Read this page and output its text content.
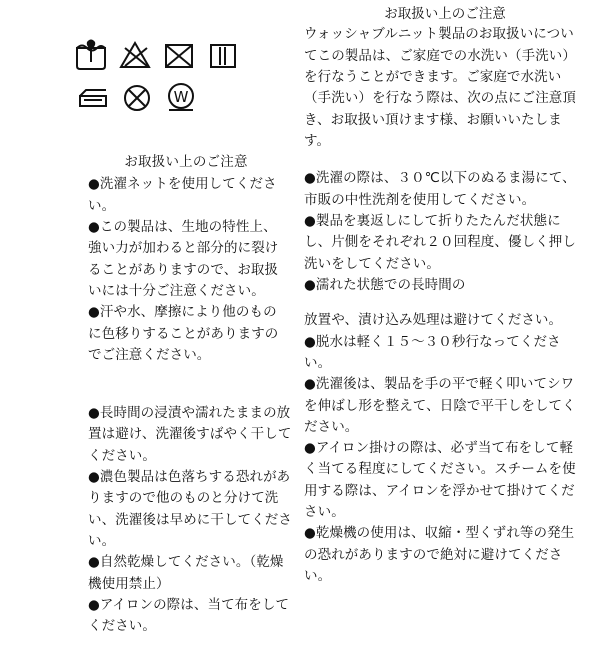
W

お取扱い上のご注意

●洗濯ネットを使用してください。

●この製品は、生地の特性上、強い力が加わると部分的に裂けることがありますので、お取扱いには十分ご注意ください。

●汗や水、摩擦により他のものに色移りすることがありますのでご注意ください。

●長時間の浸漬や濡れたままの放置は避け、洗濯後すばやく干してください。

●濃色製品は色落ちする恐れがありますので他のものと分けて洗い、洗濯後は早めに干してください。

●自然乾燥してください。（乾燥機使用禁止）

●アイロンの際は、当て布をしてください。

お取扱い上のご注意

ウォッシャブルニット製品のお取扱いについてこの製品は、ご家庭での水洗い（手洗い）を行なうことができます。ご家庭で水洗い（手洗い）を行なう際は、次の点にご注意頂き、お取扱い頂けます様、お願いいたします。

●洗濯の際は、３０℃以下のぬるま湯にて、市販の中性洗剤を使用してください。

●製品を裏返しにして折りたたんだ状態にし、片側をそれぞれ２０回程度、優しく押し洗いをしてください。

●濡れた状態での長時間の

放置や、漬け込み処理は避けてください。

●脱水は軽く１５～３０秒行なってください。

●洗濯後は、製品を手の平で軽く叩いてシワを伸ばし形を整えて、日陰で平干しをしてください。

●アイロン掛けの際は、必ず当て布をして軽く当てる程度にしてください。スチームを使用する際は、アイロンを浮かせて掛けてください。

●乾燥機の使用は、収縮・型くずれ等の発生の恐れがありますので絶対に避けてください。
